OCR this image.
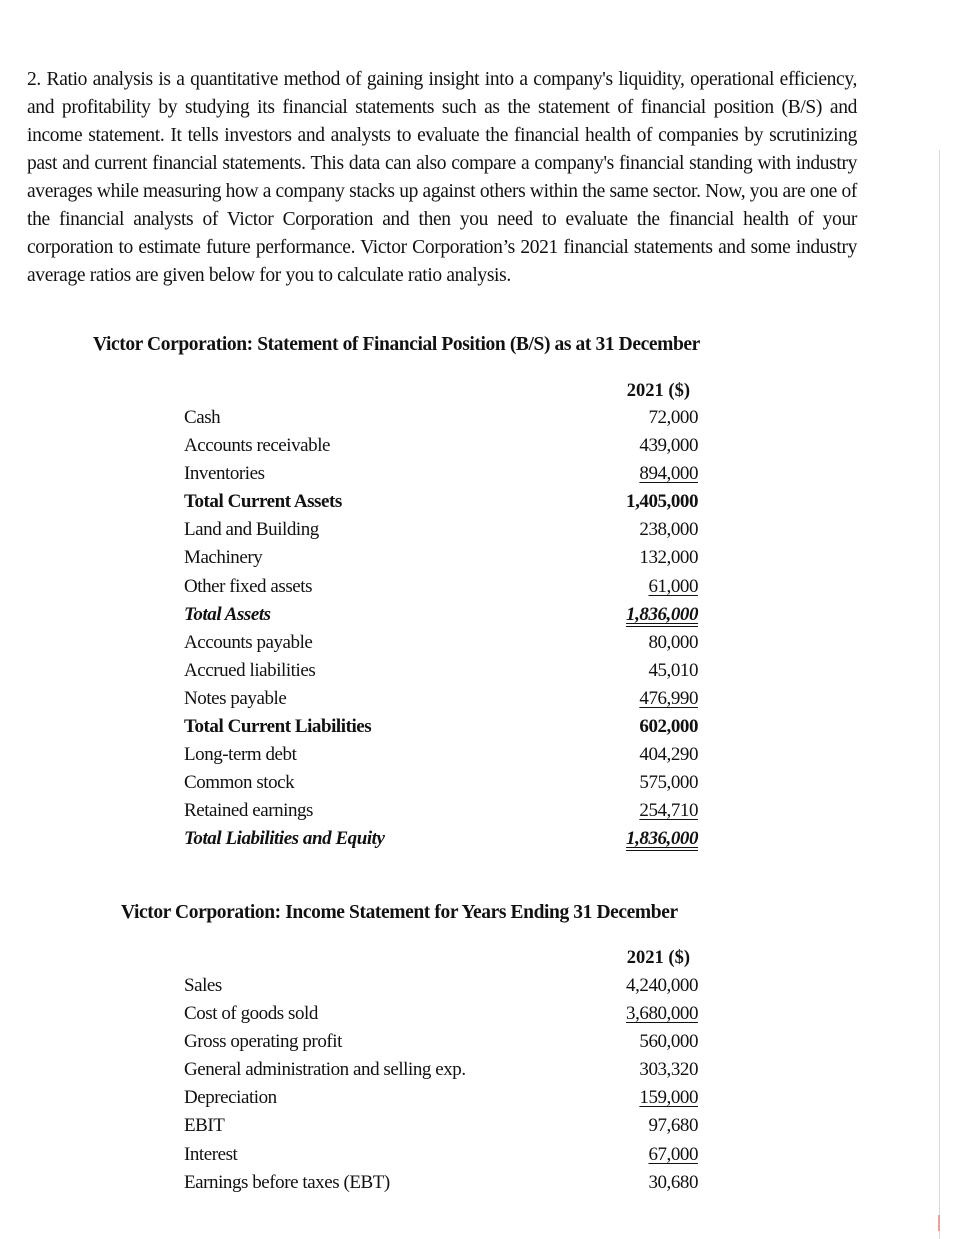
2. Ratio analysis is a quantitative method of gaining insight into a company's liquidity, operational efficiency, and profitability by studying its financial statements such as the statement of financial position (B/S) and income statement. It tells investors and analysts to evaluate the financial health of companies by scrutinizing past and current financial statements. This data can also compare a company's financial standing with industry averages while measuring how a company stacks up against others within the same sector. Now, you are one of the financial analysts of Victor Corporation and then you need to evaluate the financial health of your corporation to estimate future performance. Victor Corporation’s 2021 financial statements and some industry average ratios are given below for you to calculate ratio analysis.
Victor Corporation: Statement of Financial Position (B/S) as at 31 December
2021 ($)
Cash	72,000
Accounts receivable	439,000
Inventories	894,000
Total Current Assets	1,405,000
Land and Building	238,000
Machinery	132,000
Other fixed assets	61,000
Total Assets	1,836,000
Accounts payable	80,000
Accrued liabilities	45,010
Notes payable	476,990
Total Current Liabilities	602,000
Long-term debt	404,290
Common stock	575,000
Retained earnings	254,710
Total Liabilities and Equity	1,836,000
Victor Corporation: Income Statement for Years Ending 31 December
2021 ($)
Sales	4,240,000
Cost of goods sold	3,680,000
Gross operating profit	560,000
General administration and selling exp.	303,320
Depreciation	159,000
EBIT	97,680
Interest	67,000
Earnings before taxes (EBT)	30,680
